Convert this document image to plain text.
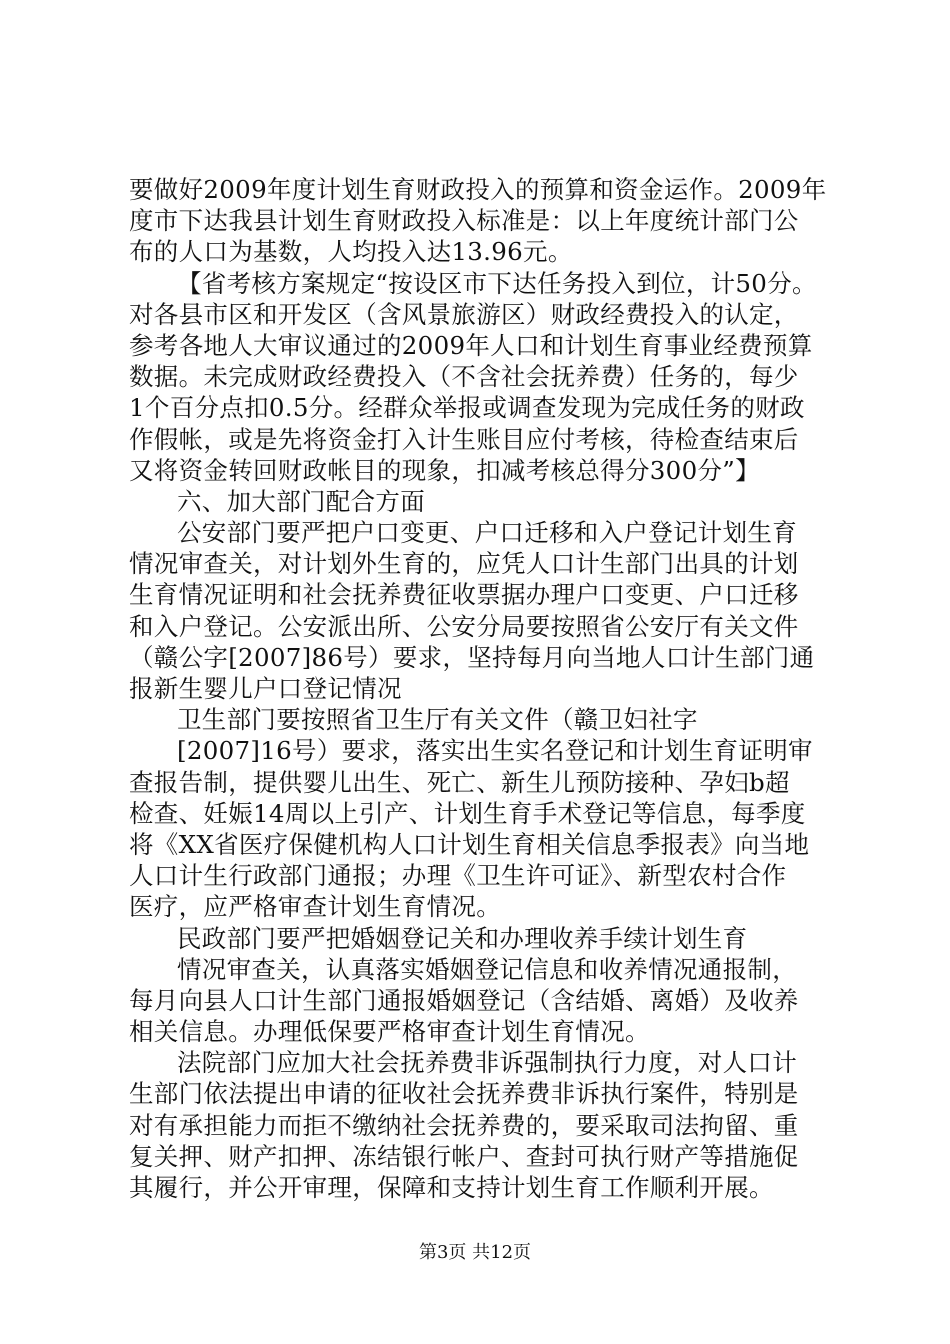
要做好2009年度计划生育财政投入的预算和资金运作。2009年
度市下达我县计划生育财政投入标准是：以上年度统计部门公
布的人口为基数，人均投入达13.96元。
【省考核方案规定“按设区市下达任务投入到位，计50分。
对各县市区和开发区（含风景旅游区）财政经费投入的认定，
参考各地人大审议通过的2009年人口和计划生育事业经费预算
数据。未完成财政经费投入（不含社会抚养费）任务的，每少
1个百分点扣0.5分。经群众举报或调查发现为完成任务的财政
作假帐，或是先将资金打入计生账目应付考核，待检查结束后
又将资金转回财政帐目的现象，扣减考核总得分300分”】
六、加大部门配合方面
公安部门要严把户口变更、户口迁移和入户登记计划生育
情况审查关，对计划外生育的，应凭人口计生部门出具的计划
生育情况证明和社会抚养费征收票据办理户口变更、户口迁移
和入户登记。公安派出所、公安分局要按照省公安厅有关文件
（赣公字[2007]86号）要求，坚持每月向当地人口计生部门通
报新生婴儿户口登记情况
卫生部门要按照省卫生厅有关文件（赣卫妇社字
[2007]16号）要求，落实出生实名登记和计划生育证明审
查报告制，提供婴儿出生、死亡、新生儿预防接种、孕妇b超
检查、妊娠14周以上引产、计划生育手术登记等信息，每季度
将《XX省医疗保健机构人口计划生育相关信息季报表》向当地
人口计生行政部门通报；办理《卫生许可证》、新型农村合作
医疗，应严格审查计划生育情况。
民政部门要严把婚姻登记关和办理收养手续计划生育
情况审查关，认真落实婚姻登记信息和收养情况通报制，
每月向县人口计生部门通报婚姻登记（含结婚、离婚）及收养
相关信息。办理低保要严格审查计划生育情况。
法院部门应加大社会抚养费非诉强制执行力度，对人口计
生部门依法提出申请的征收社会抚养费非诉执行案件，特别是
对有承担能力而拒不缴纳社会抚养费的，要采取司法拘留、重
复关押、财产扣押、冻结银行帐户、查封可执行财产等措施促
其履行，并公开审理，保障和支持计划生育工作顺利开展。
第3页 共12页
